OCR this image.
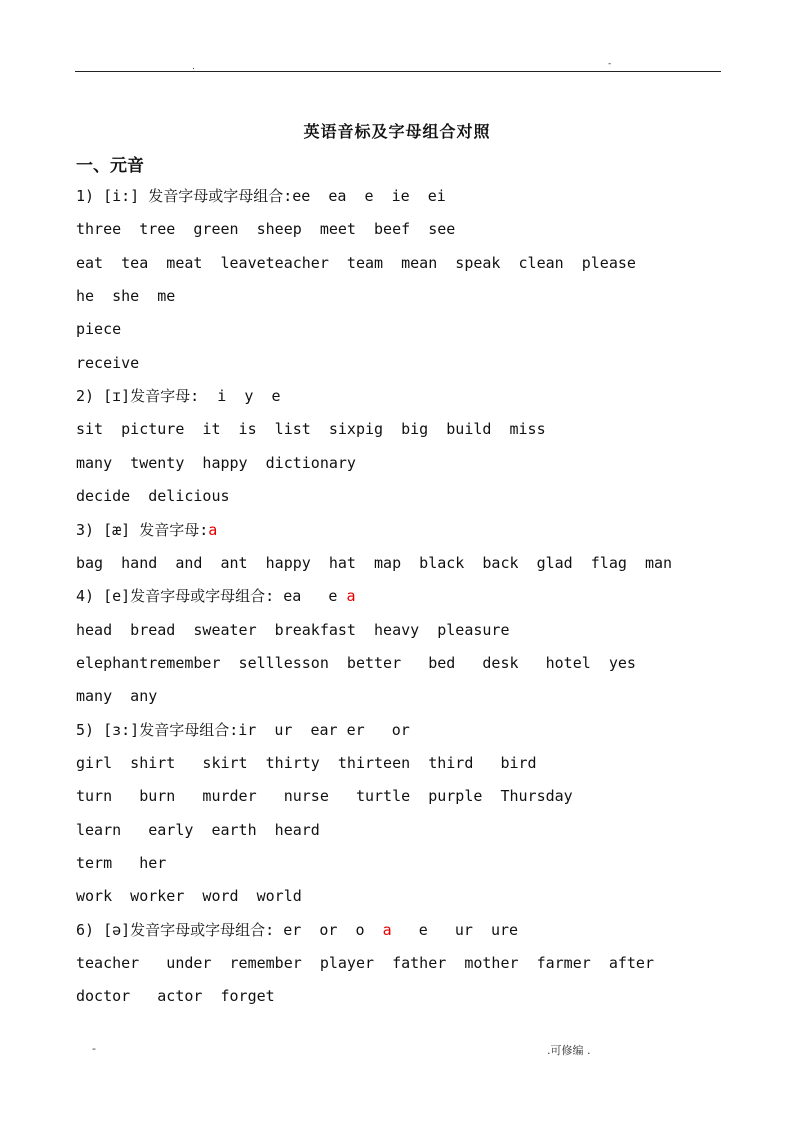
.	-
英语音标及字母组合对照
一、元音
1) [i:] 发音字母或字母组合:ee  ea  e  ie  ei
three  tree  green  sheep  meet  beef  see
eat  tea  meat  leaveteacher  team  mean  speak  clean  please
he  she  me
piece
receive
2) [ɪ]发音字母:  i  y  e
sit  picture  it  is  list  sixpig  big  build  miss
many  twenty  happy  dictionary
decide  delicious
3) [æ] 发音字母:a
bag  hand  and  ant  happy  hat  map  black  back  glad  flag  man
4) [e]发音字母或字母组合: ea   e a
head  bread  sweater  breakfast  heavy  pleasure
elephantremember  selllesson  better   bed   desk   hotel  yes
many  any
5) [ɜ:]发音字母组合:ir  ur  ear er   or
girl  shirt   skirt  thirty  thirteen  third   bird
turn   burn   murder   nurse   turtle  purple  Thursday
learn   early  earth  heard
term   her
work  worker  word  world
6) [ə]发音字母或字母组合: er  or  o  a   e   ur  ure
teacher   under  remember  player  father  mother  farmer  after
doctor   actor  forget
-	.可修编 .
